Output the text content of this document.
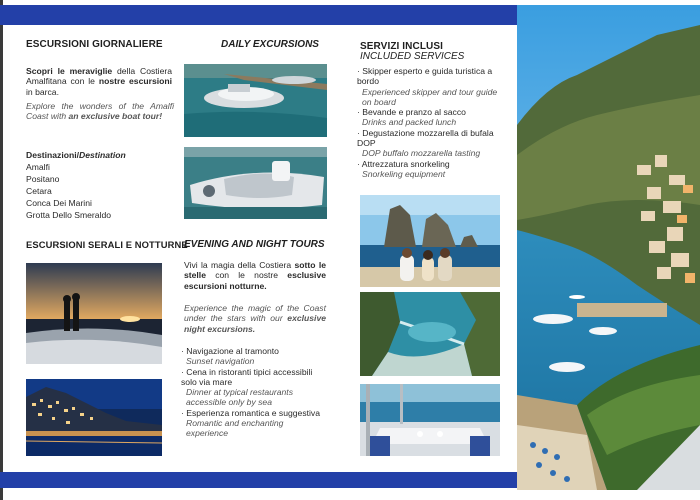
ESCURSIONI GIORNALIERE	DAILY EXCURSIONS
Scopri le meraviglie della Costiera Amalfitana con le nostre escursioni in barca.
Explore the wonders of the Amalfi Coast with an exclusive boat tour!
Destinazioni/Destination
Amalfi
Positano
Cetara
Conca Dei Marini
Grotta Dello Smeraldo
ESCURSIONI SERALI E NOTTURNE
EVENING AND NIGHT TOURS
Vivi la magia della Costiera sotto le stelle con le nostre esclusive escursioni notturne.
Experience the magic of the Coast under the stars with our exclusive night excursions.
· Navigazione al tramonto
Sunset navigation
· Cena in ristoranti tipici accessibili solo via mare
Dinner at typical restaurants accessible only by sea
· Esperienza romantica e suggestiva
Romantic and enchanting experience
SERVIZI INCLUSI
INCLUDED SERVICES
· Skipper esperto e guida turistica a bordo
Experienced skipper and tour guide on board
· Bevande e pranzo al sacco
Drinks and packed lunch
· Degustazione mozzarella di bufala DOP
DOP buffalo mozzarella tasting
· Attrezzatura snorkeling
Snorkeling equipment
